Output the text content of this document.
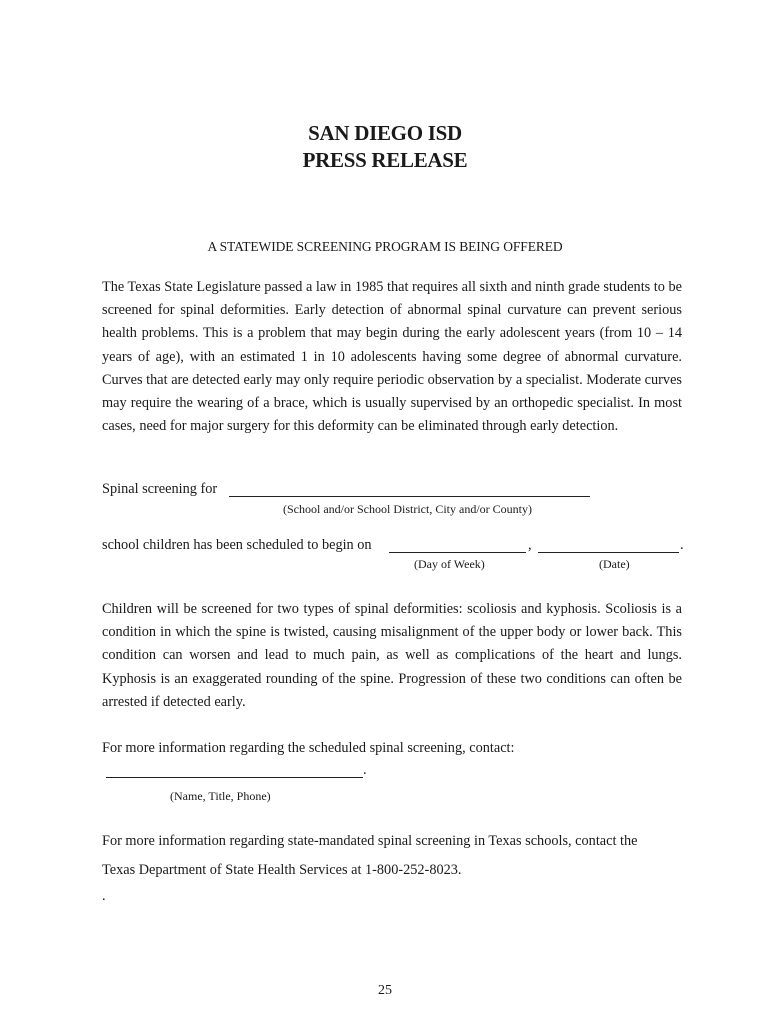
SAN DIEGO ISD
PRESS RELEASE
A STATEWIDE SCREENING PROGRAM IS BEING OFFERED
The Texas State Legislature passed a law in 1985 that requires all sixth and ninth grade students to be screened for spinal deformities. Early detection of abnormal spinal curvature can prevent serious health problems. This is a problem that may begin during the early adolescent years (from 10 – 14 years of age), with an estimated 1 in 10 adolescents having some degree of abnormal curvature. Curves that are detected early may only require periodic observation by a specialist. Moderate curves may require the wearing of a brace, which is usually supervised by an orthopedic specialist. In most cases, need for major surgery for this deformity can be eliminated through early detection.
Spinal screening for
(School and/or School District, City and/or County)
school children has been scheduled to begin on	,	.
(Day of Week)	(Date)
Children will be screened for two types of spinal deformities: scoliosis and kyphosis. Scoliosis is a condition in which the spine is twisted, causing misalignment of the upper body or lower back. This condition can worsen and lead to much pain, as well as complications of the heart and lungs. Kyphosis is an exaggerated rounding of the spine. Progression of these two conditions can often be arrested if detected early.
For more information regarding the scheduled spinal screening, contact:
.
(Name, Title, Phone)
For more information regarding state-mandated spinal screening in Texas schools, contact the
Texas Department of State Health Services at 1-800-252-8023.
.
25
